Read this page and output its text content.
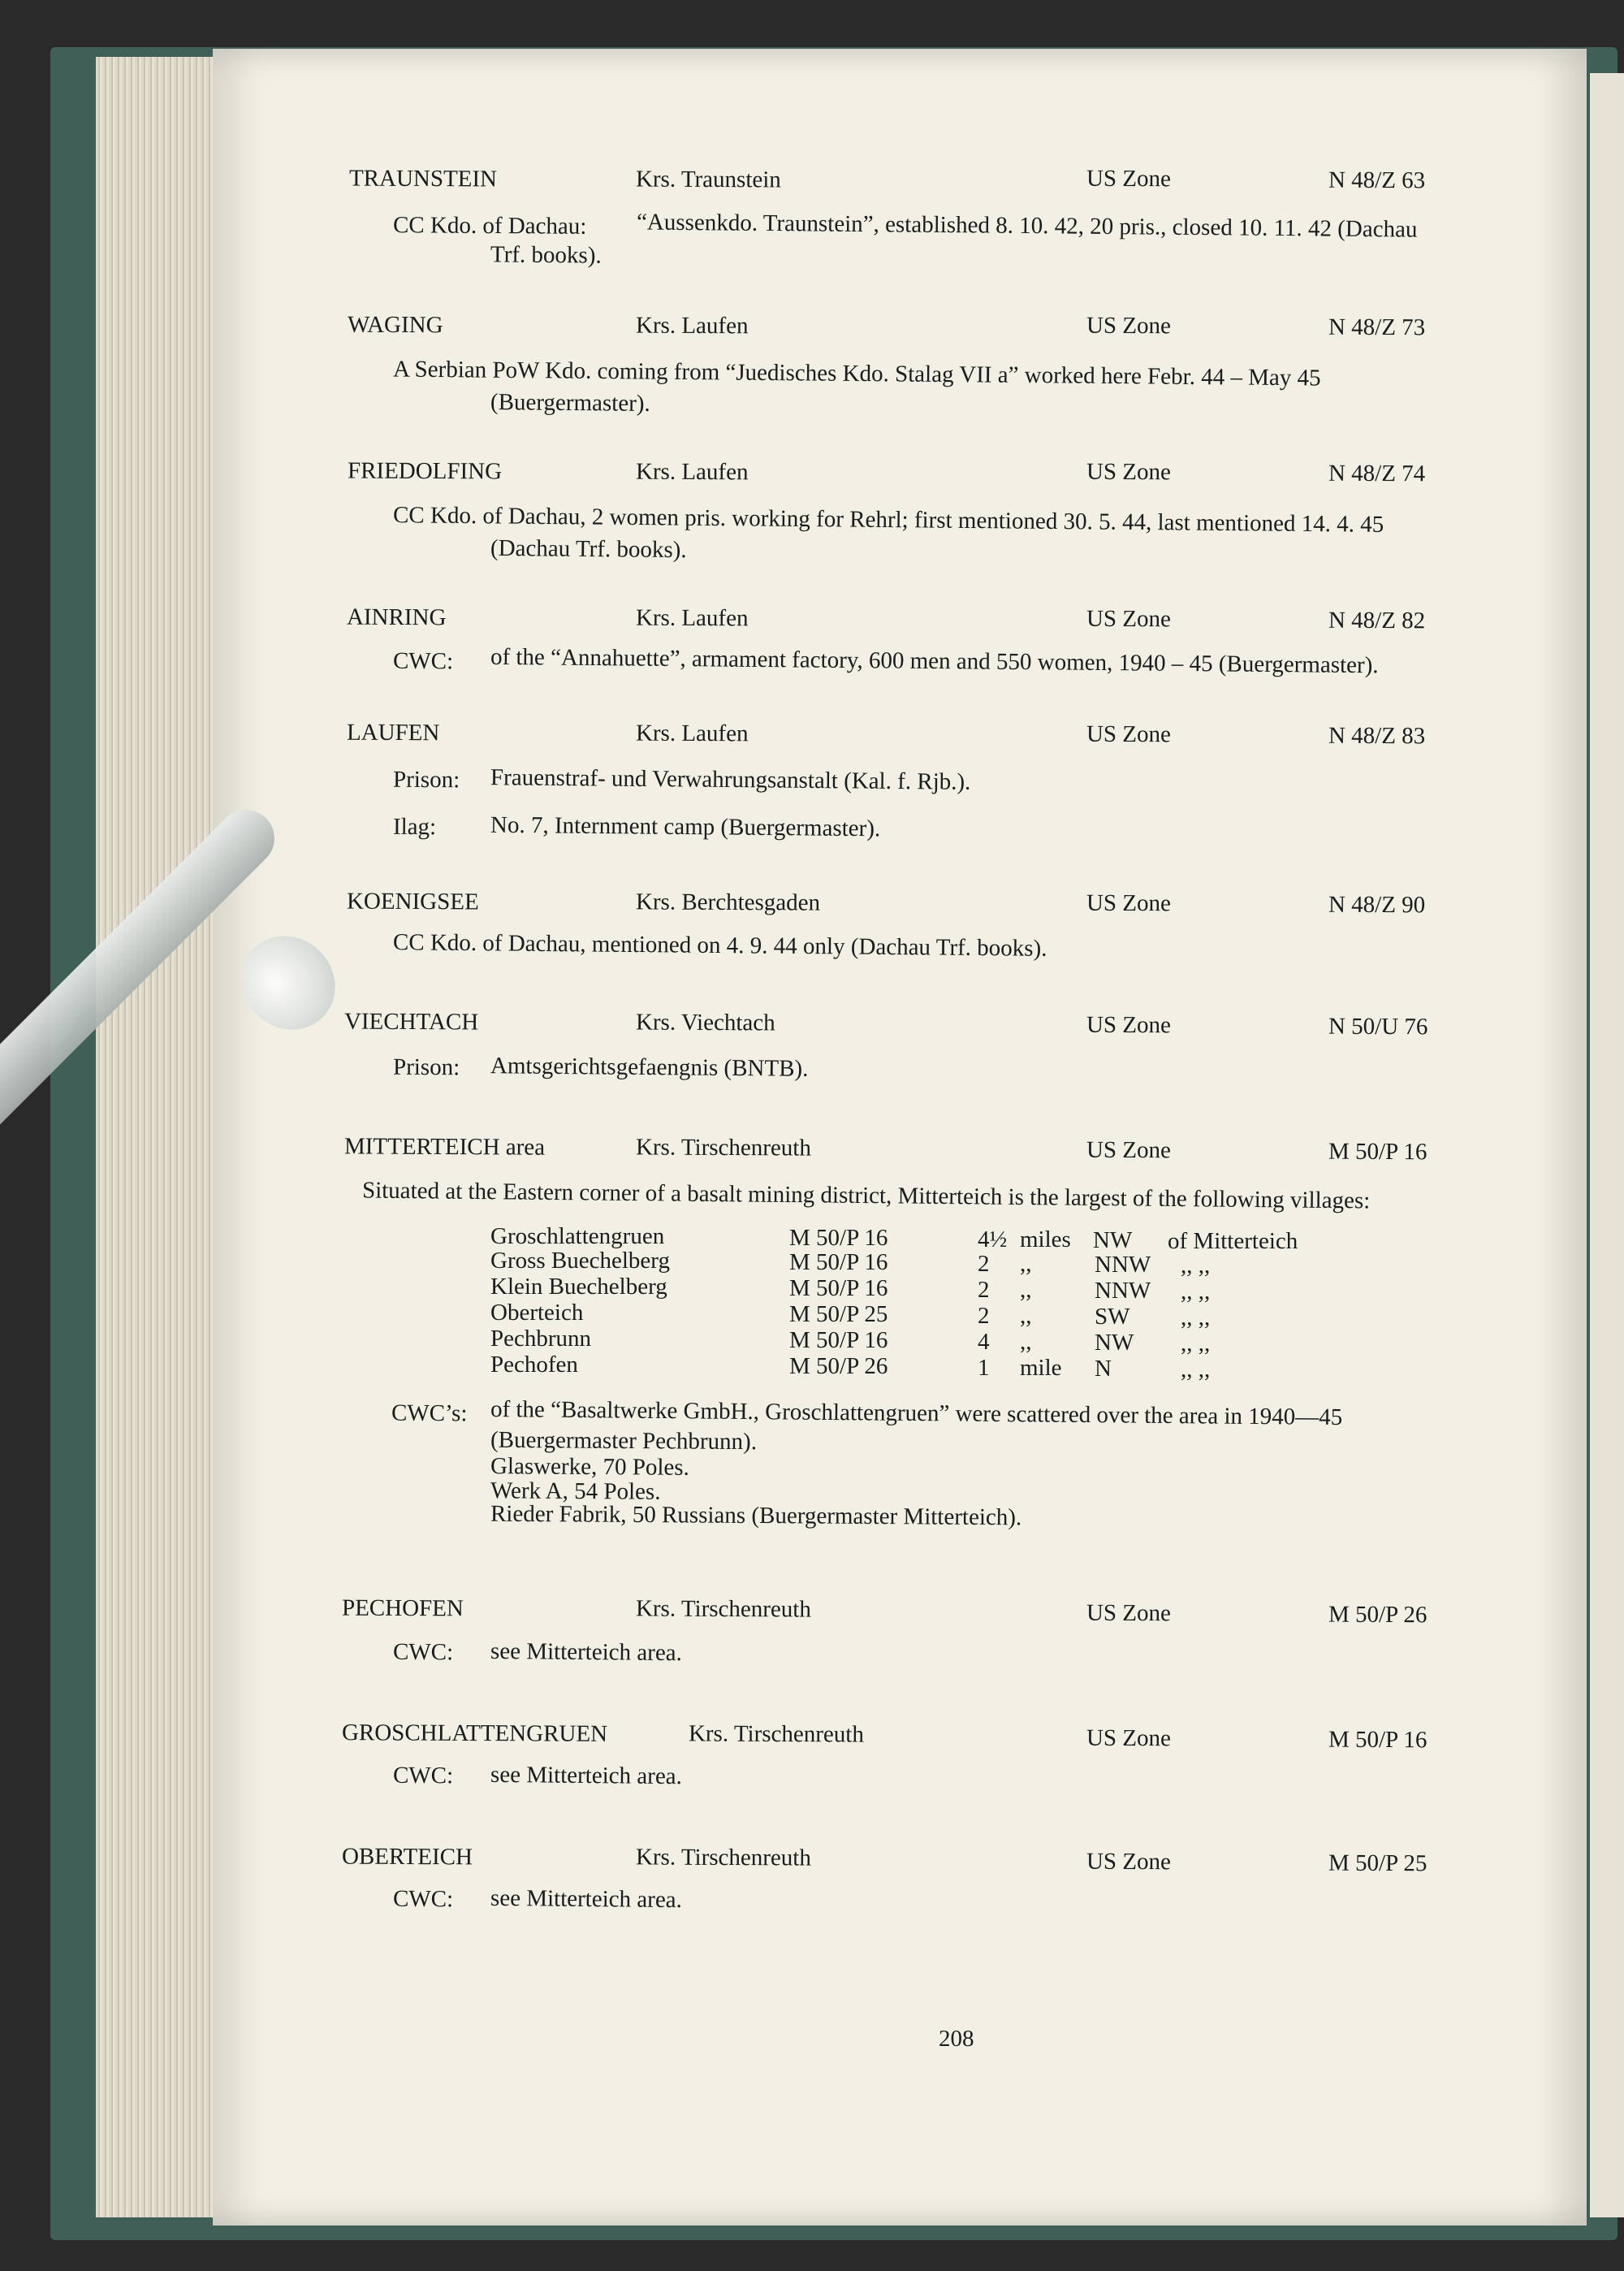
TRAUNSTEIN	Krs. Traunstein	US Zone	N 48/Z 63
CC Kdo. of Dachau: “Aussenkdo. Traunstein”, established 8. 10. 42, 20 pris., closed 10. 11. 42 (Dachau
Trf. books).
WAGING	Krs. Laufen	US Zone	N 48/Z 73
A Serbian PoW Kdo. coming from “Juedisches Kdo. Stalag VII a” worked here Febr. 44 – May 45
(Buergermaster).
FRIEDOLFING	Krs. Laufen	US Zone	N 48/Z 74
CC Kdo. of Dachau, 2 women pris. working for Rehrl; first mentioned 30. 5. 44, last mentioned 14. 4. 45
(Dachau Trf. books).
AINRING	Krs. Laufen	US Zone	N 48/Z 82
CWC: of the “Annahuette”, armament factory, 600 men and 550 women, 1940 – 45 (Buergermaster).
LAUFEN	Krs. Laufen	US Zone	N 48/Z 83
Prison: Frauenstraf- und Verwahrungsanstalt (Kal. f. Rjb.).
Ilag: No. 7, Internment camp (Buergermaster).
KOENIGSEE	Krs. Berchtesgaden	US Zone	N 48/Z 90
CC Kdo. of Dachau, mentioned on 4. 9. 44 only (Dachau Trf. books).
VIECHTACH	Krs. Viechtach	US Zone	N 50/U 76
Prison: Amtsgerichtsgefaengnis (BNTB).
MITTERTEICH area	Krs. Tirschenreuth	US Zone	M 50/P 16
Situated at the Eastern corner of a basalt mining district, Mitterteich is the largest of the following villages:
PECHOFEN	Krs. Tirschenreuth	US Zone	M 50/P 26
CWC: see Mitterteich area.
GROSCHLATTENGRUEN	Krs. Tirschenreuth	US Zone	M 50/P 16
CWC: see Mitterteich area.
OBERTEICH	Krs. Tirschenreuth	US Zone	M 50/P 25
CWC: see Mitterteich area.
Groschlattengruen	M 50/P 16	4½ miles NW of Mitterteich
Gross Buechelberg	M 50/P 16	2 ,,	NNW ,, ,,
Klein Buechelberg	M 50/P 16	2 ,,	NNW ,, ,,
Oberteich	M 50/P 25	2 ,,	SW ,, ,,
Pechbrunn	M 50/P 16	4 ,,	NW ,, ,,
Pechofen	M 50/P 26	1 mile N	,, ,,
CWC’s: of the “Basaltwerke GmbH., Groschlattengruen” were scattered over the area in 1940—45
(Buergermaster Pechbrunn).
Glaswerke, 70 Poles.
Werk A, 54 Poles.
Rieder Fabrik, 50 Russians (Buergermaster Mitterteich).
208
